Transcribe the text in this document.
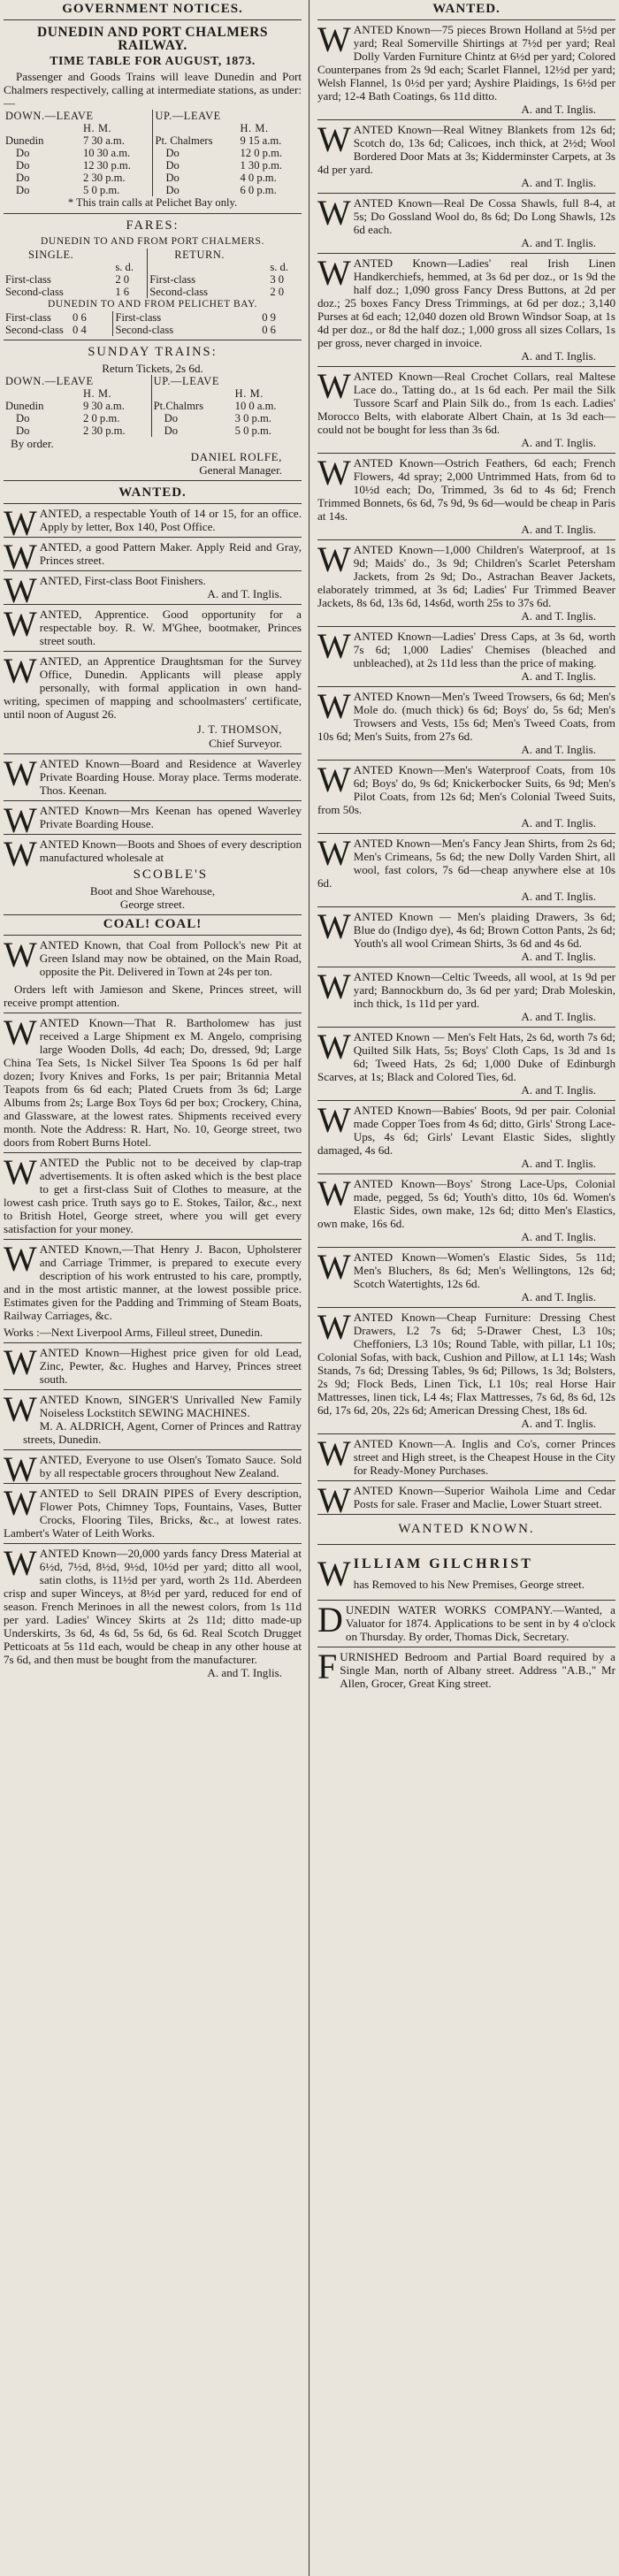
GOVERNMENT NOTICES.

DUNEDIN AND PORT CHALMERS RAILWAY.

TIME TABLE FOR AUGUST, 1873.

Passenger and Goods Trains will leave Dunedin and Port Chalmers respectively, calling at intermediate stations, as under:—

DOWN.—LEAVE		UP.—LEAVE	
	H. M.		H. M.
Dunedin	7 30 a.m.	Pt. Chalmers	9 15 a.m.
Do	10 30 a.m.	Do	12 0 p.m.
Do	12 30 p.m.	Do	1 30 p.m.
Do	2 30 p.m.	Do	4 0 p.m.
Do	5 0 p.m.	Do	6 0 p.m.

* This train calls at Pelichet Bay only.

FARES:

DUNEDIN TO AND FROM PORT CHALMERS.

SINGLE.		RETURN.	
	s. d.		s. d.
First-class	2 0	First-class	3 0
Second-class	1 6	Second-class	2 0

DUNEDIN TO AND FROM PELICHET BAY.

First-class	0 6	First-class	0 9
Second-class	0 4	Second-class	0 6

SUNDAY TRAINS:

Return Tickets, 2s 6d.

DOWN.—LEAVE		UP.—LEAVE	
	H. M.		H. M.
Dunedin	9 30 a.m.	Pt.Chalmrs	10 0 a.m.
Do	2 0 p.m.	Do	3 0 p.m.
Do	2 30 p.m.	Do	5 0 p.m.

By order.

DANIEL ROLFE,

General Manager.

WANTED.
WANTED, a respectable Youth of 14 or 15, for an office. Apply by letter, Box 140, Post Office.
WANTED, a good Pattern Maker. Apply Reid and Gray, Princes street.
WANTED, First-class Boot Finishers.

A. and T. Inglis.

WANTED, Apprentice. Good opportunity for a respectable boy. R. W. M'Ghee, bootmaker, Princes street south.
WANTED, an Apprentice Draughtsman for the Survey Office, Dunedin. Applicants will please apply personally, with formal application in own hand-writing, specimen of mapping and schoolmasters' certificate, until noon of August 26.

J. T. THOMSON,

Chief Surveyor.

WANTED Known—Board and Residence at Waverley Private Boarding House. Moray place. Terms moderate. Thos. Keenan.
WANTED Known—Mrs Keenan has opened Waverley Private Boarding House.
WANTED Known—Boots and Shoes of every description manufactured wholesale at

SCOBLE'S

Boot and Shoe Warehouse,

George street.

COAL! COAL!
WANTED Known, that Coal from Pollock's new Pit at Green Island may now be obtained, on the Main Road, opposite the Pit. Delivered in Town at 24s per ton.

Orders left with Jamieson and Skene, Princes street, will receive prompt attention.

WANTED Known—That R. Bartholomew has just received a Large Shipment ex M. Angelo, comprising large Wooden Dolls, 4d each; Do, dressed, 9d; Large China Tea Sets, 1s Nickel Silver Tea Spoons 1s 6d per half dozen; Ivory Knives and Forks, 1s per pair; Britannia Metal Teapots from 6s 6d each; Plated Cruets from 3s 6d; Large Albums from 2s; Large Box Toys 6d per box; Crockery, China, and Glassware, at the lowest rates. Shipments received every month. Note the Address: R. Hart, No. 10, George street, two doors from Robert Burns Hotel.
WANTED the Public not to be deceived by clap-trap advertisements. It is often asked which is the best place to get a first-class Suit of Clothes to measure, at the lowest cash price. Truth says go to E. Stokes, Tailor, &c., next to British Hotel, George street, where you will get every satisfaction for your money.
WANTED Known,—That Henry J. Bacon, Upholsterer and Carriage Trimmer, is prepared to execute every description of his work entrusted to his care, promptly, and in the most artistic manner, at the lowest possible price. Estimates given for the Padding and Trimming of Steam Boats, Railway Carriages, &c.

Works :—Next Liverpool Arms, Filleul street, Dunedin.

WANTED Known—Highest price given for old Lead, Zinc, Pewter, &c. Hughes and Harvey, Princes street south.
WANTED Known, SINGER'S Unrivalled New Family Noiseless Lockstitch SEWING MACHINES.

M. A. ALDRICH, Agent, Corner of Princes and Rattray streets, Dunedin.

WANTED, Everyone to use Olsen's Tomato Sauce. Sold by all respectable grocers throughout New Zealand.
WANTED to Sell DRAIN PIPES of Every description, Flower Pots, Chimney Tops, Fountains, Vases, Butter Crocks, Flooring Tiles, Bricks, &c., at lowest rates. Lambert's Water of Leith Works.
WANTED Known—20,000 yards fancy Dress Material at 6½d, 7½d, 8½d, 9½d, 10½d per yard; ditto all wool, satin cloths, is 11½d per yard, worth 2s 11d. Aberdeen crisp and super Winceys, at 8½d per yard, reduced for end of season. French Merinoes in all the newest colors, from 1s 11d per yard. Ladies' Wincey Skirts at 2s 11d; ditto made-up Underskirts, 3s 6d, 4s 6d, 5s 6d, 6s 6d. Real Scotch Drugget Petticoats at 5s 11d each, would be cheap in any other house at 7s 6d, and then must be bought from the manufacturer.

A. and T. Inglis.

WANTED.
WANTED Known—75 pieces Brown Holland at 5½d per yard; Real Somerville Shirtings at 7½d per yard; Real Dolly Varden Furniture Chintz at 6½d per yard; Colored Counterpanes from 2s 9d each; Scarlet Flannel, 12½d per yard; Welsh Flannel, 1s 0½d per yard; Ayshire Plaidings, 1s 6½d per yard; 12-4 Bath Coatings, 6s 11d ditto.

A. and T. Inglis.

WANTED Known—Real Witney Blankets from 12s 6d; Scotch do, 13s 6d; Calicoes, inch thick, at 2½d; Wool Bordered Door Mats at 3s; Kidderminster Carpets, at 3s 4d per yard.

A. and T. Inglis.

WANTED Known—Real De Cossa Shawls, full 8-4, at 5s; Do Gossland Wool do, 8s 6d; Do Long Shawls, 12s 6d each.

A. and T. Inglis.

WANTED Known—Ladies' real Irish Linen Handkerchiefs, hemmed, at 3s 6d per doz., or 1s 9d the half doz.; 1,090 gross Fancy Dress Buttons, at 2d per doz.; 25 boxes Fancy Dress Trimmings, at 6d per doz.; 3,140 Purses at 6d each; 12,040 dozen old Brown Windsor Soap, at 1s 4d per doz., or 8d the half doz.; 1,000 gross all sizes Collars, 1s per gross, never charged in invoice.

A. and T. Inglis.

WANTED Known—Real Crochet Collars, real Maltese Lace do., Tatting do., at 1s 6d each. Per mail the Silk Tussore Scarf and Plain Silk do., from 1s each. Ladies' Morocco Belts, with elaborate Albert Chain, at 1s 3d each—could not be bought for less than 3s 6d.

A. and T. Inglis.

WANTED Known—Ostrich Feathers, 6d each; French Flowers, 4d spray; 2,000 Untrimmed Hats, from 6d to 10½d each; Do, Trimmed, 3s 6d to 4s 6d; French Trimmed Bonnets, 6s 6d, 7s 9d, 9s 6d—would be cheap in Paris at 14s.

A. and T. Inglis.

WANTED Known—1,000 Children's Waterproof, at 1s 9d; Maids' do., 3s 9d; Children's Scarlet Petersham Jackets, from 2s 9d; Do., Astrachan Beaver Jackets, elaborately trimmed, at 3s 6d; Ladies' Fur Trimmed Beaver Jackets, 8s 6d, 13s 6d, 14s6d, worth 25s to 37s 6d.

A. and T. Inglis.

WANTED Known—Ladies' Dress Caps, at 3s 6d, worth 7s 6d; 1,000 Ladies' Chemises (bleached and unbleached), at 2s 11d less than the price of making.

A. and T. Inglis.

WANTED Known—Men's Tweed Trowsers, 6s 6d; Men's Mole do. (much thick) 6s 6d; Boys' do, 5s 6d; Men's Trowsers and Vests, 15s 6d; Men's Tweed Coats, from 10s 6d; Men's Suits, from 27s 6d.

A. and T. Inglis.

WANTED Known—Men's Waterproof Coats, from 10s 6d; Boys' do, 9s 6d; Knickerbocker Suits, 6s 9d; Men's Pilot Coats, from 12s 6d; Men's Colonial Tweed Suits, from 50s.

A. and T. Inglis.

WANTED Known—Men's Fancy Jean Shirts, from 2s 6d; Men's Crimeans, 5s 6d; the new Dolly Varden Shirt, all wool, fast colors, 7s 6d—cheap anywhere else at 10s 6d.

A. and T. Inglis.

WANTED Known — Men's plaiding Drawers, 3s 6d; Blue do (Indigo dye), 4s 6d; Brown Cotton Pants, 2s 6d; Youth's all wool Crimean Shirts, 3s 6d and 4s 6d.

A. and T. Inglis.

WANTED Known—Celtic Tweeds, all wool, at 1s 9d per yard; Bannockburn do, 3s 6d per yard; Drab Moleskin, inch thick, 1s 11d per yard.

A. and T. Inglis.

WANTED Known — Men's Felt Hats, 2s 6d, worth 7s 6d; Quilted Silk Hats, 5s; Boys' Cloth Caps, 1s 3d and 1s 6d; Tweed Hats, 2s 6d; 1,000 Duke of Edinburgh Scarves, at 1s; Black and Colored Ties, 6d.

A. and T. Inglis.

WANTED Known—Babies' Boots, 9d per pair. Colonial made Copper Toes from 4s 6d; ditto, Girls' Strong Lace-Ups, 4s 6d; Girls' Levant Elastic Sides, slightly damaged, 4s 6d.

A. and T. Inglis.

WANTED Known—Boys' Strong Lace-Ups, Colonial made, pegged, 5s 6d; Youth's ditto, 10s 6d. Women's Elastic Sides, own make, 12s 6d; ditto Men's Elastics, own make, 16s 6d.

A. and T. Inglis.

WANTED Known—Women's Elastic Sides, 5s 11d; Men's Bluchers, 8s 6d; Men's Wellingtons, 12s 6d; Scotch Watertights, 12s 6d.

A. and T. Inglis.

WANTED Known—Cheap Furniture: Dressing Chest Drawers, L2 7s 6d; 5-Drawer Chest, L3 10s; Cheffoniers, L3 10s; Round Table, with pillar, L1 10s; Colonial Sofas, with back, Cushion and Pillow, at L1 14s; Wash Stands, 7s 6d; Dressing Tables, 9s 6d; Pillows, 1s 3d; Bolsters, 2s 9d; Flock Beds, Linen Tick, L1 10s; real Horse Hair Mattresses, linen tick, L4 4s; Flax Mattresses, 7s 6d, 8s 6d, 12s 6d, 17s 6d, 20s, 22s 6d; American Dressing Chest, 18s 6d.

A. and T. Inglis.

WANTED Known—A. Inglis and Co's, corner Princes street and High street, is the Cheapest House in the City for Ready-Money Purchases.
WANTED Known—Superior Waihola Lime and Cedar Posts for sale. Fraser and Maclie, Lower Stuart street.
WANTED KNOWN.
W ILLIAM GILCHRIST

has Removed to his New Premises, George street.

DUNEDIN WATER WORKS COMPANY.—Wanted, a Valuator for 1874. Applications to be sent in by 4 o'clock on Thursday. By order, Thomas Dick, Secretary.
FURNISHED Bedroom and Partial Board required by a Single Man, north of Albany street. Address "A.B.," Mr Allen, Grocer, Great King street.
